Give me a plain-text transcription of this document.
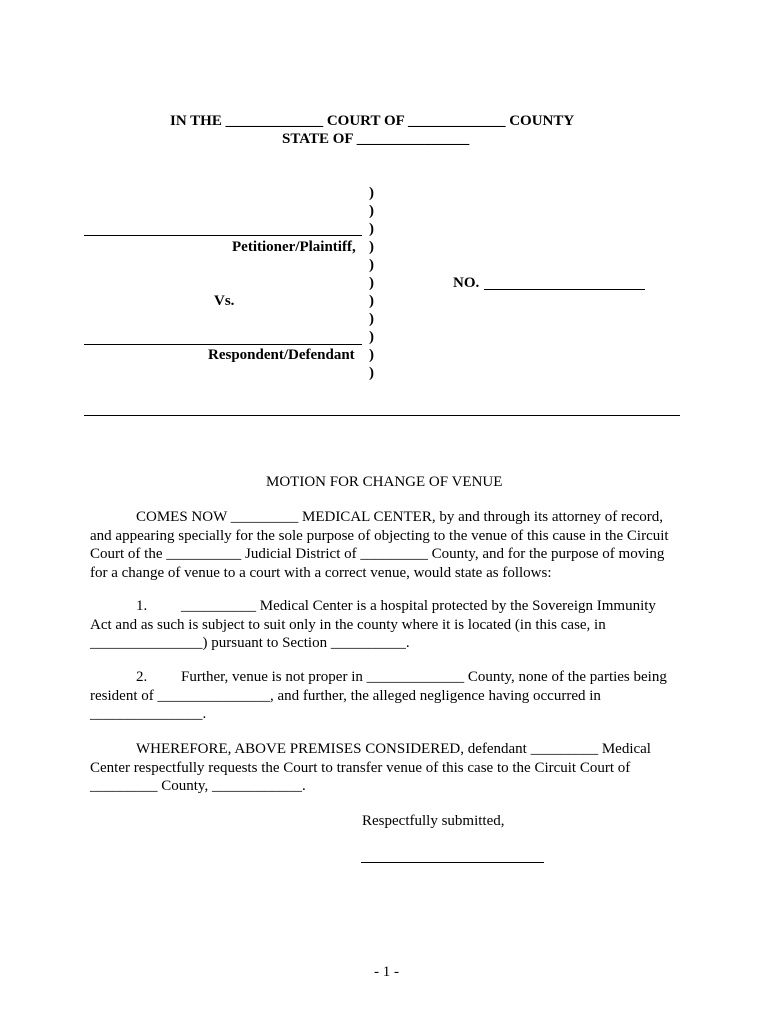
IN THE _____________ COURT OF _____________ COUNTY
STATE OF _______________
)
)
)
)
)
)
)
)
)
)
)
Petitioner/Plaintiff,
Vs.
Respondent/Defendant
NO.
MOTION FOR CHANGE OF VENUE

COMES NOW _________ MEDICAL CENTER, by and through its attorney of record,

and appearing specially for the sole purpose of objecting to the venue of this cause in the Circuit

Court of the __________ Judicial District of _________ County, and for the purpose of moving

for a change of venue to a court with a correct venue, would state as follows:

1. __________ Medical Center is a hospital protected by the Sovereign Immunity

Act and as such is subject to suit only in the county where it is located (in this case, in

_______________) pursuant to Section __________.

2. Further, venue is not proper in _____________ County, none of the parties being

resident of _______________, and further, the alleged negligence having occurred in

_______________.

WHEREFORE, ABOVE PREMISES CONSIDERED, defendant _________ Medical

Center respectfully requests the Court to transfer venue of this case to the Circuit Court of

_________ County, ____________.

Respectfully submitted,
- 1 -
